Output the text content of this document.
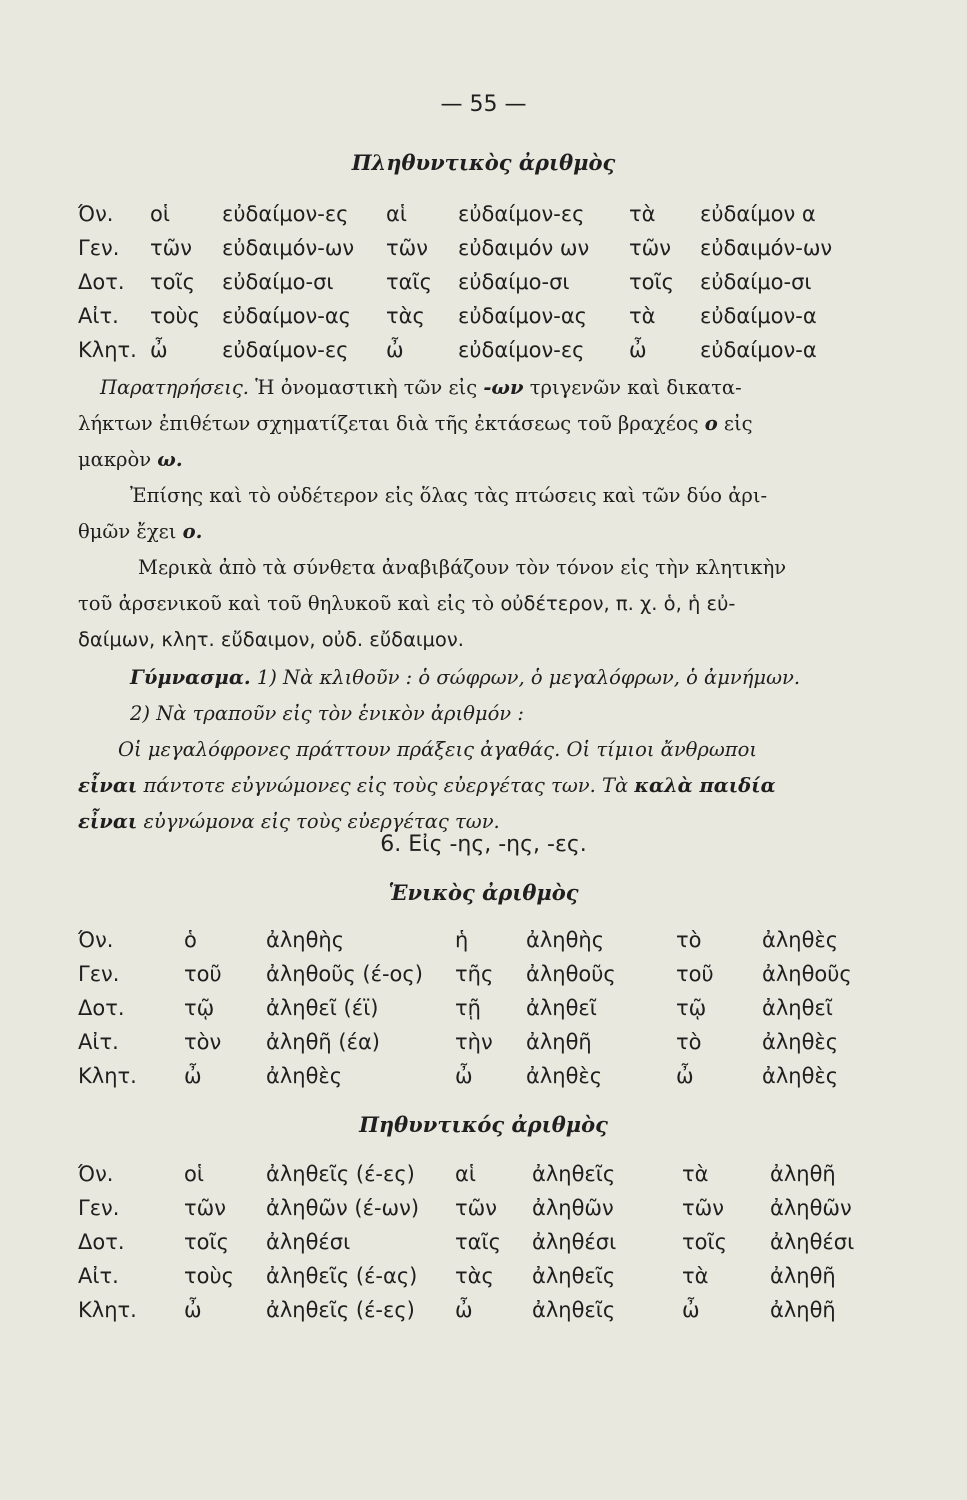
— 55 —
Πληθυντικὸς ἀριθμὸς
Όν. οἱ εὐδαίμον-ες αἱ εὐδαίμον-ες τὰ εὐδαίμον α
Γεν. τῶν εὐδαιμόν-ων τῶν εὐδαιμόν ων τῶν εὐδαιμόν-ων
Δοτ. τοῖς εὐδαίμο-σι ταῖς εὐδαίμο-σι	τοῖς εὐδαίμο-σι
Αἰτ. τοὺς εὐδαίμον-ας τὰς εὐδαίμον-ας τὰ εὐδαίμον-α
Κλητ. ὦ	εὐδαίμον-ες ὦ	εὐδαίμον-ες ὦ	εὐδαίμον-α
Παρατηρήσεις. Ἡ ὀνομαστικὴ τῶν εἰς -ων τριγενῶν καὶ δικατα-
λήκτων ἐπιθέτων σχηματίζεται διὰ τῆς ἐκτάσεως τοῦ βραχέος ο εἰς
μακρὸν ω.
Ἐπίσης καὶ τὸ οὐδέτερον εἰς ὅλας τὰς πτώσεις καὶ τῶν δύο ἀρι-
θμῶν ἔχει ο.
Μερικὰ ἀπὸ τὰ σύνθετα ἀναβιβάζουν τὸν τόνον εἰς τὴν κλητικὴν
τοῦ ἀρσενικοῦ καὶ τοῦ θηλυκοῦ καὶ εἰς τὸ οὐδέτερον, π. χ. ὁ, ἡ εὐ-
δαίμων, κλητ. εὔδαιμον, οὐδ. εὔδαιμον.
Γύμνασμα. 1) Νὰ κλιθοῦν : ὁ σώφρων, ὁ μεγαλόφρων, ὁ ἀμνήμων.
2) Νὰ τραποῦν εἰς τὸν ἑνικὸν ἀριθμόν :
Οἱ μεγαλόφρονες πράττουν πράξεις ἀγαθάς. Οἱ τίμιοι ἄνθρωποι
εἶναι πάντοτε εὐγνώμονες εἰς τοὺς εὐεργέτας των. Τὰ καλὰ παιδία
εἶναι εὐγνώμονα εἰς τοὺς εὐεργέτας των.
6. Εἰς -ης, -ης, -ες.
Ἑνικὸς ἀριθμὸς
Όν.	ὁ	ἀληθὴς	ἡ	ἀληθὴς	τὸ	ἀληθὲς
Γεν.	τοῦ ἀληθοῦς (έ-ος) τῆς ἀληθοῦς	τοῦ ἀληθοῦς
Δοτ.	τῷ ἀληθεῖ (έϊ)	τῇ ἀληθεῖ	τῷ	ἀληθεῖ
Αἰτ.	τὸν ἀληθῆ (έα)	τὴν ἀληθῆ	τὸ	ἀληθὲς
Κλητ. ὦ	ἀληθὲς	ὦ	ἀληθὲς	ὦ	ἀληθὲς
Πηθυντικός ἀριθμὸς
Όν.	οἱ	ἀληθεῖς (έ-ες) αἱ	ἀληθεῖς	τὰ	ἀληθῆ
Γεν.	τῶν ἀληθῶν (έ-ων) τῶν ἀληθῶν	τῶν ἀληθῶν
Δοτ.	τοῖς ἀληθέσι	ταῖς ἀληθέσι	τοῖς ἀληθέσι
Αἰτ.	τοὺς ἀληθεῖς (έ-ας) τὰς ἀληθεῖς	τὰ	ἀληθῆ
Κλητ. ὦ	ἀληθεῖς (έ-ες) ὦ	ἀληθεῖς	ὦ	ἀληθῆ
